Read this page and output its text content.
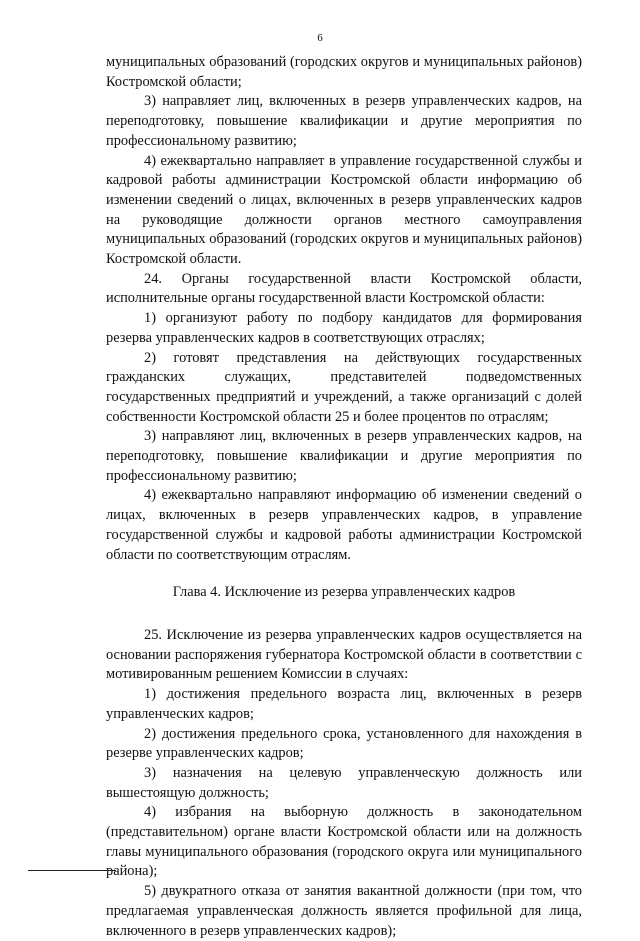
6

муниципальных образований (городских округов и муниципальных районов) Костромской области;

3) направляет лиц, включенных в резерв управленческих кадров, на переподготовку, повышение квалификации и другие мероприятия по профессиональному развитию;

4) ежеквартально направляет в управление государственной службы и кадровой работы администрации Костромской области информацию об изменении сведений о лицах, включенных в резерв управленческих кадров на руководящие должности органов местного самоуправления муниципальных образований (городских округов и муниципальных районов) Костромской области.

24. Органы государственной власти Костромской области, исполнительные органы государственной власти Костромской области:

1) организуют работу по подбору кандидатов для формирования резерва управленческих кадров в соответствующих отраслях;

2) готовят представления на действующих государственных гражданских служащих, представителей подведомственных государственных предприятий и учреждений, а также организаций с долей собственности Костромской области 25 и более процентов по отраслям;

3) направляют лиц, включенных в резерв управленческих кадров, на переподготовку, повышение квалификации и другие мероприятия по профессиональному развитию;

4) ежеквартально направляют информацию об изменении сведений о лицах, включенных в резерв управленческих кадров, в управление государственной службы и кадровой работы администрации Костромской области по соответствующим отраслям.

Глава 4. Исключение из резерва управленческих кадров

25. Исключение из резерва управленческих кадров осуществляется на основании распоряжения губернатора Костромской области в соответствии с мотивированным решением Комиссии в случаях:

1) достижения предельного возраста лиц, включенных в резерв управленческих кадров;

2) достижения предельного срока, установленного для нахождения в резерве управленческих кадров;

3) назначения на целевую управленческую должность или вышестоящую должность;

4) избрания на выборную должность в законодательном (представительном) органе власти Костромской области или на должность главы муниципального образования (городского округа или муниципального района);

5) двукратного отказа от занятия вакантной должности (при том, что предлагаемая управленческая должность является профильной для лица, включенного в резерв управленческих кадров);
